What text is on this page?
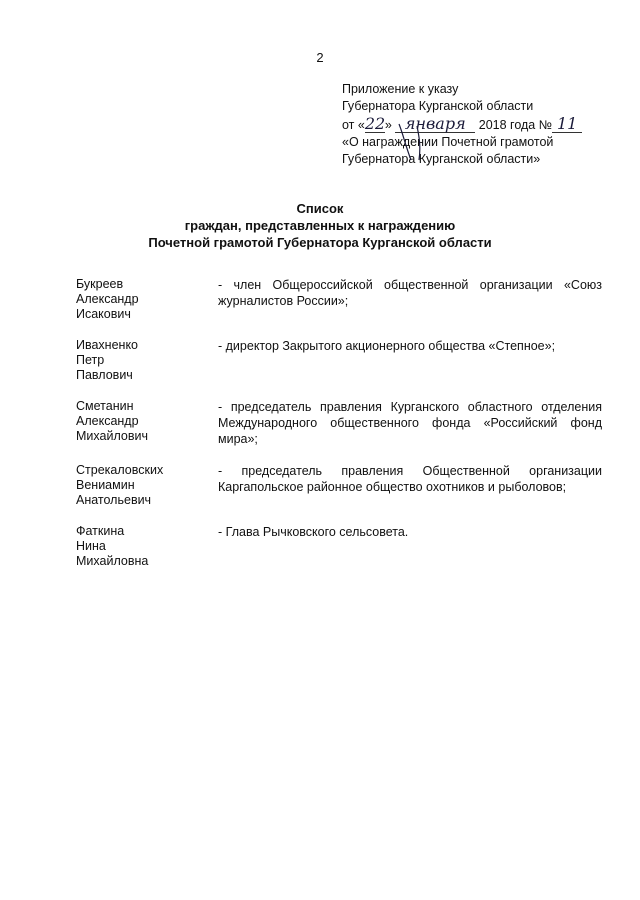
2
Приложение к указу
Губернатора Курганской области
от «22» января 2018 года № 11
«О награждении Почетной грамотой
Губернатора Курганской области»
Список
граждан, представленных к награждению
Почетной грамотой Губернатора Курганской области
Букреев
Александр
Исакович
- член Общероссийской общественной организации «Союз журналистов России»;
Ивахненко
Петр
Павлович
- директор Закрытого акционерного общества «Степное»;
Сметанин
Александр
Михайлович
- председатель правления Курганского областного отделения Международного общественного фонда «Российский фонд мира»;
Стрекаловских
Вениамин
Анатольевич
- председатель правления Общественной организации Каргапольское районное общество охотников и рыболовов;
Фаткина
Нина
Михайловна
- Глава Рычковского сельсовета.
